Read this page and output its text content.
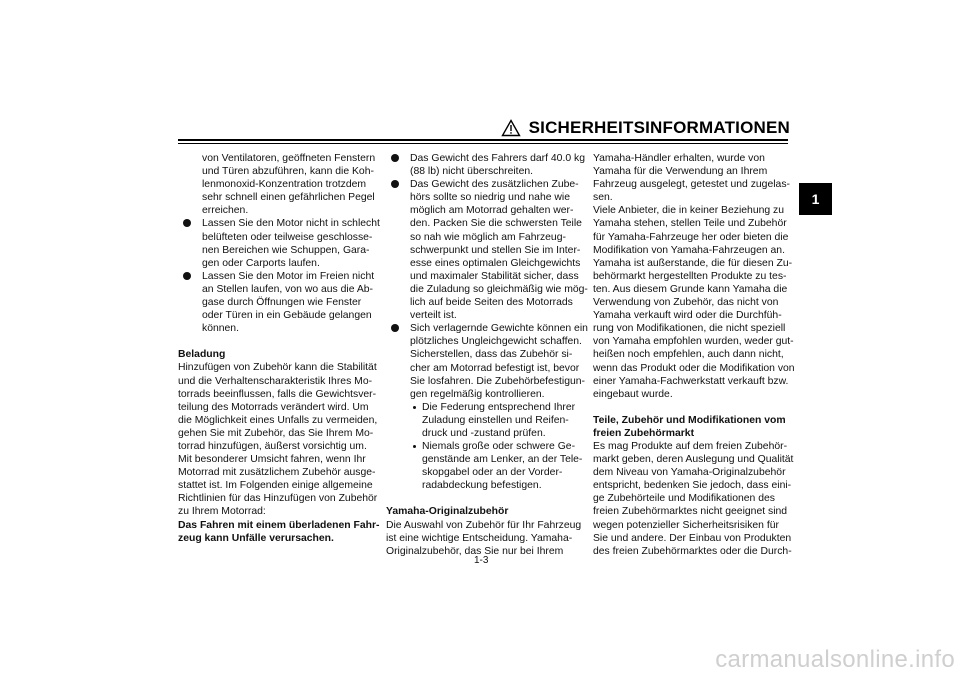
SICHERHEITSINFORMATIONEN
1
von Ventilatoren, geöffneten Fenstern
und Türen abzuführen, kann die Koh-
lenmonoxid-Konzentration trotzdem
sehr schnell einen gefährlichen Pegel
erreichen.
Lassen Sie den Motor nicht in schlecht
belüfteten oder teilweise geschlosse-
nen Bereichen wie Schuppen, Gara-
gen oder Carports laufen.
Lassen Sie den Motor im Freien nicht
an Stellen laufen, von wo aus die Ab-
gase durch Öffnungen wie Fenster
oder Türen in ein Gebäude gelangen
können.
Beladung
Hinzufügen von Zubehör kann die Stabilität
und die Verhaltenscharakteristik Ihres Mo-
torrads beeinflussen, falls die Gewichtsver-
teilung des Motorrads verändert wird. Um
die Möglichkeit eines Unfalls zu vermeiden,
gehen Sie mit Zubehör, das Sie Ihrem Mo-
torrad hinzufügen, äußerst vorsichtig um.
Mit besonderer Umsicht fahren, wenn Ihr
Motorrad mit zusätzlichem Zubehör ausge-
stattet ist. Im Folgenden einige allgemeine
Richtlinien für das Hinzufügen von Zubehör
zu Ihrem Motorrad:
Das Fahren mit einem überladenen Fahr-
zeug kann Unfälle verursachen.
Das Gewicht des Fahrers darf 40.0 kg
(88 lb) nicht überschreiten.
Das Gewicht des zusätzlichen Zube-
hörs sollte so niedrig und nahe wie
möglich am Motorrad gehalten wer-
den. Packen Sie die schwersten Teile
so nah wie möglich am Fahrzeug-
schwerpunkt und stellen Sie im Inter-
esse eines optimalen Gleichgewichts
und maximaler Stabilität sicher, dass
die Zuladung so gleichmäßig wie mög-
lich auf beide Seiten des Motorrads
verteilt ist.
Sich verlagernde Gewichte können ein
plötzliches Ungleichgewicht schaffen.
Sicherstellen, dass das Zubehör si-
cher am Motorrad befestigt ist, bevor
Sie losfahren. Die Zubehörbefestigun-
gen regelmäßig kontrollieren.
Die Federung entsprechend Ihrer
Zuladung einstellen und Reifen-
druck und -zustand prüfen.
Niemals große oder schwere Ge-
genstände am Lenker, an der Tele-
skopgabel oder an der Vorder-
radabdeckung befestigen.
Yamaha-Originalzubehör
Die Auswahl von Zubehör für Ihr Fahrzeug
ist eine wichtige Entscheidung. Yamaha-
Originalzubehör, das Sie nur bei Ihrem
Yamaha-Händler erhalten, wurde von
Yamaha für die Verwendung an Ihrem
Fahrzeug ausgelegt, getestet und zugelas-
sen.
Viele Anbieter, die in keiner Beziehung zu
Yamaha stehen, stellen Teile und Zubehör
für Yamaha-Fahrzeuge her oder bieten die
Modifikation von Yamaha-Fahrzeugen an.
Yamaha ist außerstande, die für diesen Zu-
behörmarkt hergestellten Produkte zu tes-
ten. Aus diesem Grunde kann Yamaha die
Verwendung von Zubehör, das nicht von
Yamaha verkauft wird oder die Durchfüh-
rung von Modifikationen, die nicht speziell
von Yamaha empfohlen wurden, weder gut-
heißen noch empfehlen, auch dann nicht,
wenn das Produkt oder die Modifikation von
einer Yamaha-Fachwerkstatt verkauft bzw.
eingebaut wurde.
Teile, Zubehör und Modifikationen vom
freien Zubehörmarkt
Es mag Produkte auf dem freien Zubehör-
markt geben, deren Auslegung und Qualität
dem Niveau von Yamaha-Originalzubehör
entspricht, bedenken Sie jedoch, dass eini-
ge Zubehörteile und Modifikationen des
freien Zubehörmarktes nicht geeignet sind
wegen potenzieller Sicherheitsrisiken für
Sie und andere. Der Einbau von Produkten
des freien Zubehörmarktes oder die Durch-
1-3
carmanualsonline.info
